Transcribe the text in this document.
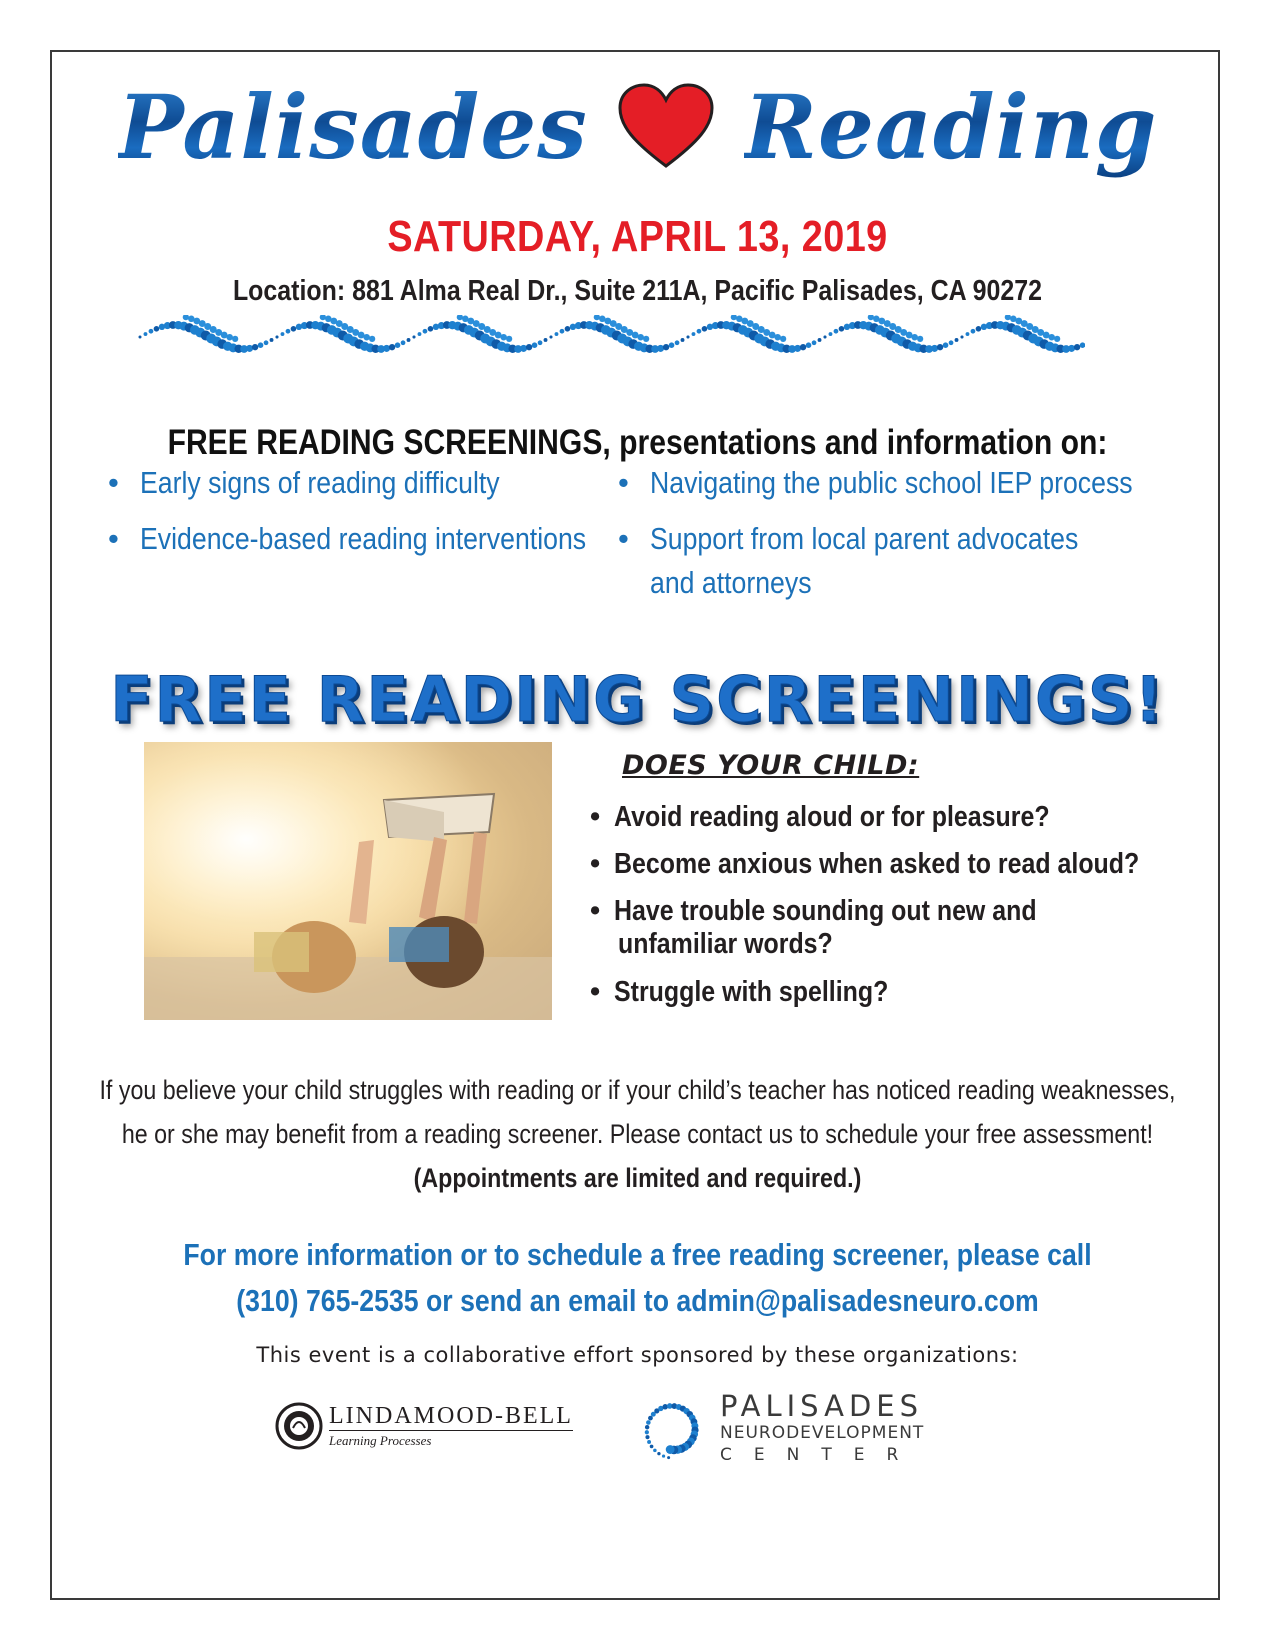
Palisades Reading
SATURDAY, APRIL 13, 2019
Location: 881 Alma Real Dr., Suite 211A, Pacific Palisades, CA 90272
FREE READING SCREENINGS, presentations and information on:
• Early signs of reading difficulty
• Evidence-based reading interventions
• Navigating the public school IEP process
• Support from local parent advocates
and attorneys
FREE READING SCREENINGS!
DOES YOUR CHILD:
• Avoid reading aloud or for pleasure?
• Become anxious when asked to read aloud?
• Have trouble sounding out new and
unfamiliar words?
• Struggle with spelling?
If you believe your child struggles with reading or if your child’s teacher has noticed reading weaknesses,
he or she may benefit from a reading screener. Please contact us to schedule your free assessment!
(Appointments are limited and required.)
For more information or to schedule a free reading screener, please call
(310) 765-2535 or send an email to admin@palisadesneuro.com
This event is a collaborative effort sponsored by these organizations:
LINDAMOOD-BELL
Learning Processes
PALISADES
NEURODEVELOPMENT
CENTER
